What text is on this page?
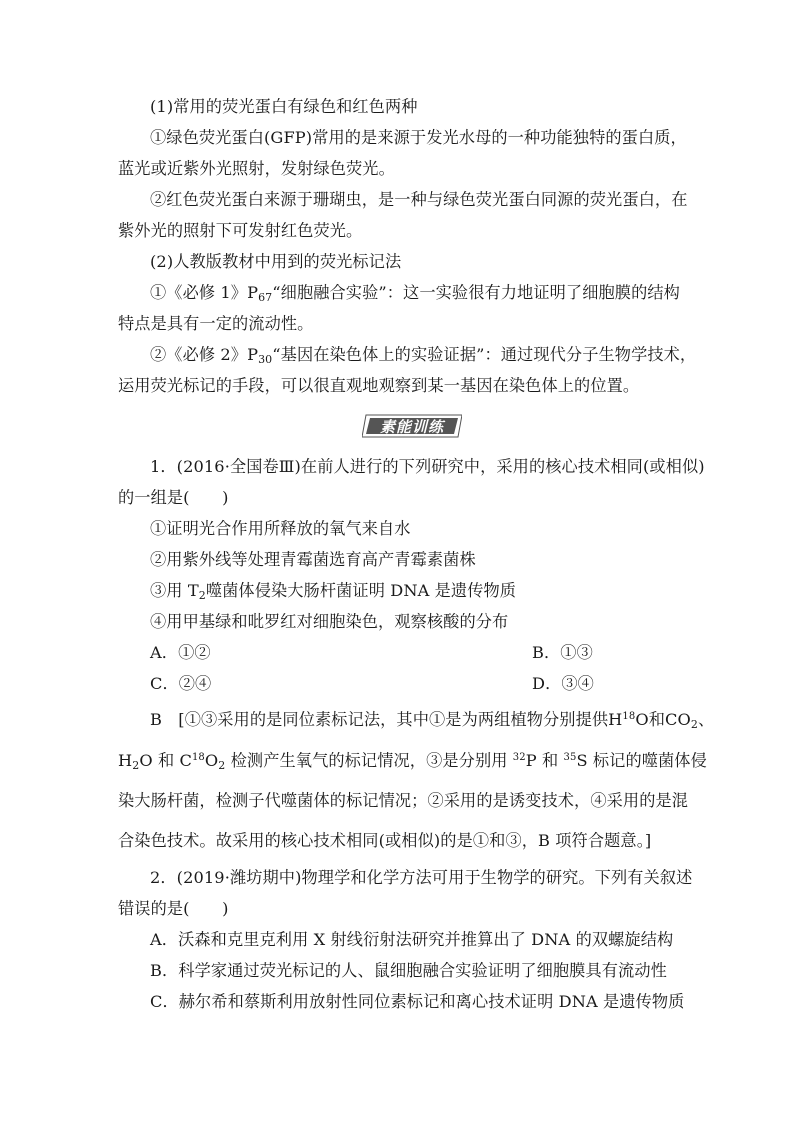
(1)常用的荧光蛋白有绿色和红色两种
①绿色荧光蛋白(GFP)常用的是来源于发光水母的一种功能独特的蛋白质，
蓝光或近紫外光照射，发射绿色荧光。
②红色荧光蛋白来源于珊瑚虫，是一种与绿色荧光蛋白同源的荧光蛋白，在
紫外光的照射下可发射红色荧光。
(2)人教版教材中用到的荧光标记法
①《必修 1》$P_{67}“$细胞融合实验”：这一实验很有力地证明了细胞膜的结构
特点是具有一定的流动性。
②《必修 2》$P_{30}“$基因在染色体上的实验证据”：通过现代分子生物学技术，
运用荧光标记的手段，可以很直观地观察到某一基因在染色体上的位置。
素能训练
1．(2016·全国卷Ⅲ)在前人进行的下列研究中，采用的核心技术相同(或相似)
的一组是(　　)
①证明光合作用所释放的氧气来自水
②用紫外线等处理青霉菌选育高产青霉素菌株
③用 $T_2$噬菌体侵染大肠杆菌证明 DNA 是遗传物质
④用甲基绿和吡罗红对细胞染色，观察核酸的分布
A．①②	B．①③
C．②④	D．③④
B　[①③采用的是同位素标记法，其中①是为两组植物分别提供$H^{18}O$和$CO_2$、
$H_2O$ 和 $C^{18}O_2$ 检测产生氧气的标记情况，③是分别用 $^{32}$P 和 $^{35}$S 标记的噬菌体侵
染大肠杆菌，检测子代噬菌体的标记情况；②采用的是诱变技术，④采用的是混
合染色技术。故采用的核心技术相同(或相似)的是①和③，B 项符合题意。]
2．(2019·潍坊期中)物理学和化学方法可用于生物学的研究。下列有关叙述
错误的是(　　)
A．沃森和克里克利用 X 射线衍射法研究并推算出了 DNA 的双螺旋结构
B．科学家通过荧光标记的人、鼠细胞融合实验证明了细胞膜具有流动性
C．赫尔希和蔡斯利用放射性同位素标记和离心技术证明 DNA 是遗传物质
